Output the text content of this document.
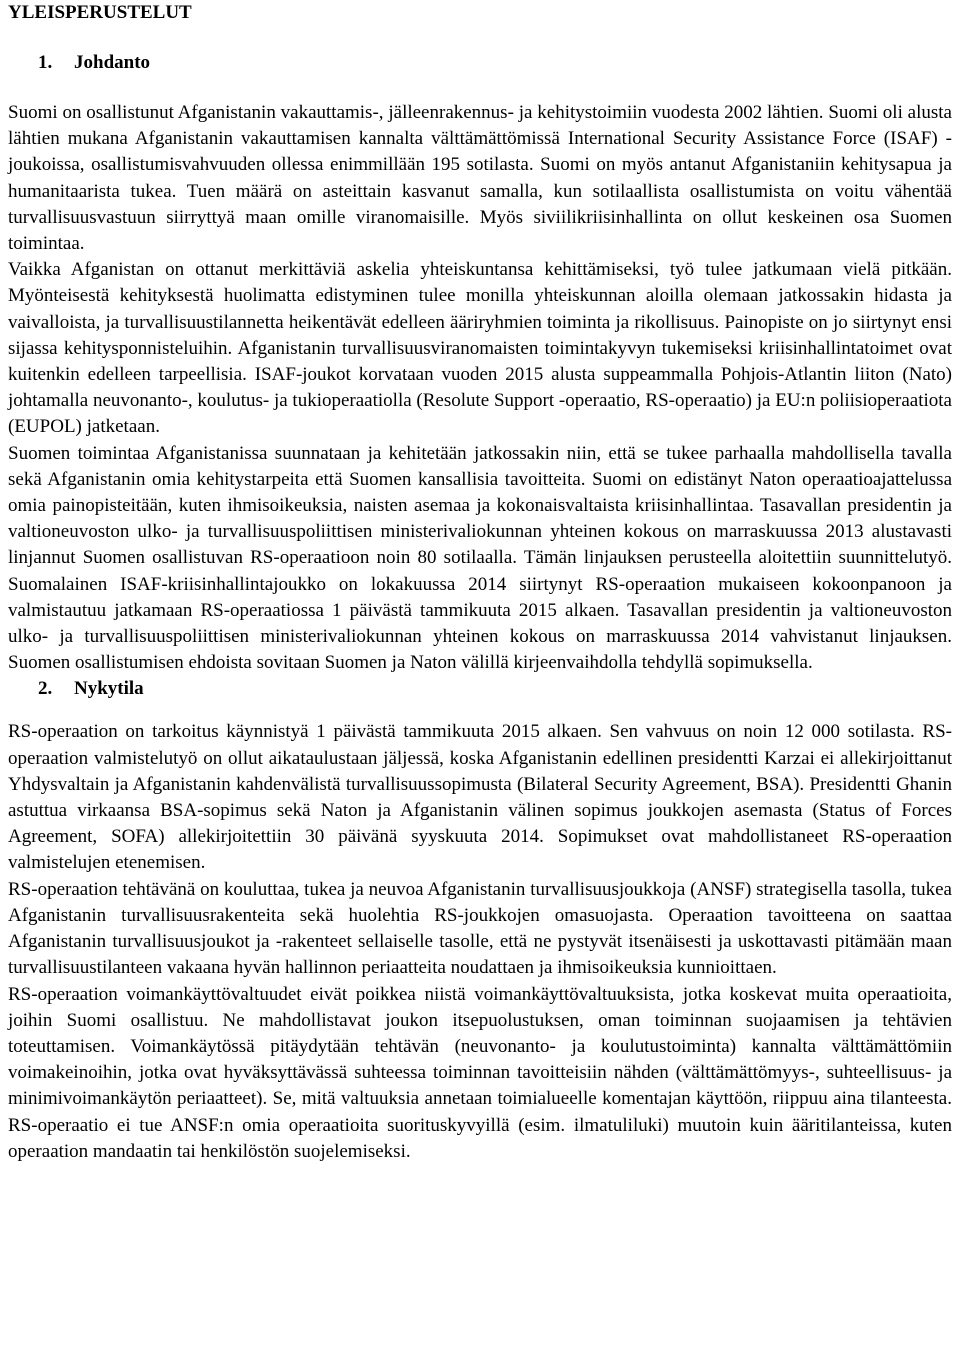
YLEISPERUSTELUT
1. Johdanto

Suomi on osallistunut Afganistanin vakauttamis-, jälleenrakennus- ja kehitystoimiin vuodesta 2002 lähtien. Suomi oli alusta lähtien mukana Afganistanin vakauttamisen kannalta välttämättömissä International Security Assistance Force (ISAF) -joukoissa, osallistumisvahvuuden ollessa enimmillään 195 sotilasta. Suomi on myös antanut Afganistaniin kehitysapua ja humanitaarista tukea. Tuen määrä on asteittain kasvanut samalla, kun sotilaallista osallistumista on voitu vähentää turvallisuusvastuun siirryttyä maan omille viranomaisille. Myös siviilikriisinhallinta on ollut keskeinen osa Suomen toimintaa.

Vaikka Afganistan on ottanut merkittäviä askelia yhteiskuntansa kehittämiseksi, työ tulee jatkumaan vielä pitkään. Myönteisestä kehityksestä huolimatta edistyminen tulee monilla yhteiskunnan aloilla olemaan jatkossakin hidasta ja vaivalloista, ja turvallisuustilannetta heikentävät edelleen ääriryhmien toiminta ja rikollisuus. Painopiste on jo siirtynyt ensi sijassa kehitysponnisteluihin. Afganistanin turvallisuusviranomaisten toimintakyvyn tukemiseksi kriisinhallintatoimet ovat kuitenkin edelleen tarpeellisia. ISAF-joukot korvataan vuoden 2015 alusta suppeammalla Pohjois-Atlantin liiton (Nato) johtamalla neuvonanto-, koulutus- ja tukioperaatiolla (Resolute Support -operaatio, RS-operaatio) ja EU:n poliisioperaatiota (EUPOL) jatketaan.

Suomen toimintaa Afganistanissa suunnataan ja kehitetään jatkossakin niin, että se tukee parhaalla mahdollisella tavalla sekä Afganistanin omia kehitystarpeita että Suomen kansallisia tavoitteita. Suomi on edistänyt Naton operaatioajattelussa omia painopisteitään, kuten ihmisoikeuksia, naisten asemaa ja kokonaisvaltaista kriisinhallintaa. Tasavallan presidentin ja valtioneuvoston ulko- ja turvallisuuspoliittisen ministerivaliokunnan yhteinen kokous on marraskuussa 2013 alustavasti linjannut Suomen osallistuvan RS-operaatioon noin 80 sotilaalla. Tämän linjauksen perusteella aloitettiin suunnittelutyö. Suomalainen ISAF-kriisinhallintajoukko on lokakuussa 2014 siirtynyt RS-operaation mukaiseen kokoonpanoon ja valmistautuu jatkamaan RS-operaatiossa 1 päivästä tammikuuta 2015 alkaen. Tasavallan presidentin ja valtioneuvoston ulko- ja turvallisuuspoliittisen ministerivaliokunnan yhteinen kokous on marraskuussa 2014 vahvistanut linjauksen. Suomen osallistumisen ehdoista sovitaan Suomen ja Naton välillä kirjeenvaihdolla tehdyllä sopimuksella.

2. Nykytila

RS-operaation on tarkoitus käynnistyä 1 päivästä tammikuuta 2015 alkaen. Sen vahvuus on noin 12 000 sotilasta. RS-operaation valmistelutyö on ollut aikataulustaan jäljessä, koska Afganistanin edellinen presidentti Karzai ei allekirjoittanut Yhdysvaltain ja Afganistanin kahdenvälistä turvallisuussopimusta (Bilateral Security Agreement, BSA). Presidentti Ghanin astuttua virkaansa BSA-sopimus sekä Naton ja Afganistanin välinen sopimus joukkojen asemasta (Status of Forces Agreement, SOFA) allekirjoitettiin 30 päivänä syyskuuta 2014. Sopimukset ovat mahdollistaneet RS-operaation valmistelujen etenemisen.

RS-operaation tehtävänä on kouluttaa, tukea ja neuvoa Afganistanin turvallisuusjoukkoja (ANSF) strategisella tasolla, tukea Afganistanin turvallisuusrakenteita sekä huolehtia RS-joukkojen omasuojasta. Operaation tavoitteena on saattaa Afganistanin turvallisuusjoukot ja -rakenteet sellaiselle tasolle, että ne pystyvät itsenäisesti ja uskottavasti pitämään maan turvallisuustilanteen vakaana hyvän hallinnon periaatteita noudattaen ja ihmisoikeuksia kunnioittaen.

RS-operaation voimankäyttövaltuudet eivät poikkea niistä voimankäyttövaltuuksista, jotka koskevat muita operaatioita, joihin Suomi osallistuu. Ne mahdollistavat joukon itsepuolustuksen, oman toiminnan suojaamisen ja tehtävien toteuttamisen. Voimankäytössä pitäydytään tehtävän (neuvonanto- ja koulutustoiminta) kannalta välttämättömiin voimakeinoihin, jotka ovat hyväksyttävässä suhteessa toiminnan tavoitteisiin nähden (välttämättömyys-, suhteellisuus- ja minimivoimankäytön periaatteet). Se, mitä valtuuksia annetaan toimialueelle komentajan käyttöön, riippuu aina tilanteesta. RS-operaatio ei tue ANSF:n omia operaatioita suorituskyvyillä (esim. ilmatuliluki) muutoin kuin ääritilanteissa, kuten operaation mandaatin tai henkilöstön suojelemiseksi.
